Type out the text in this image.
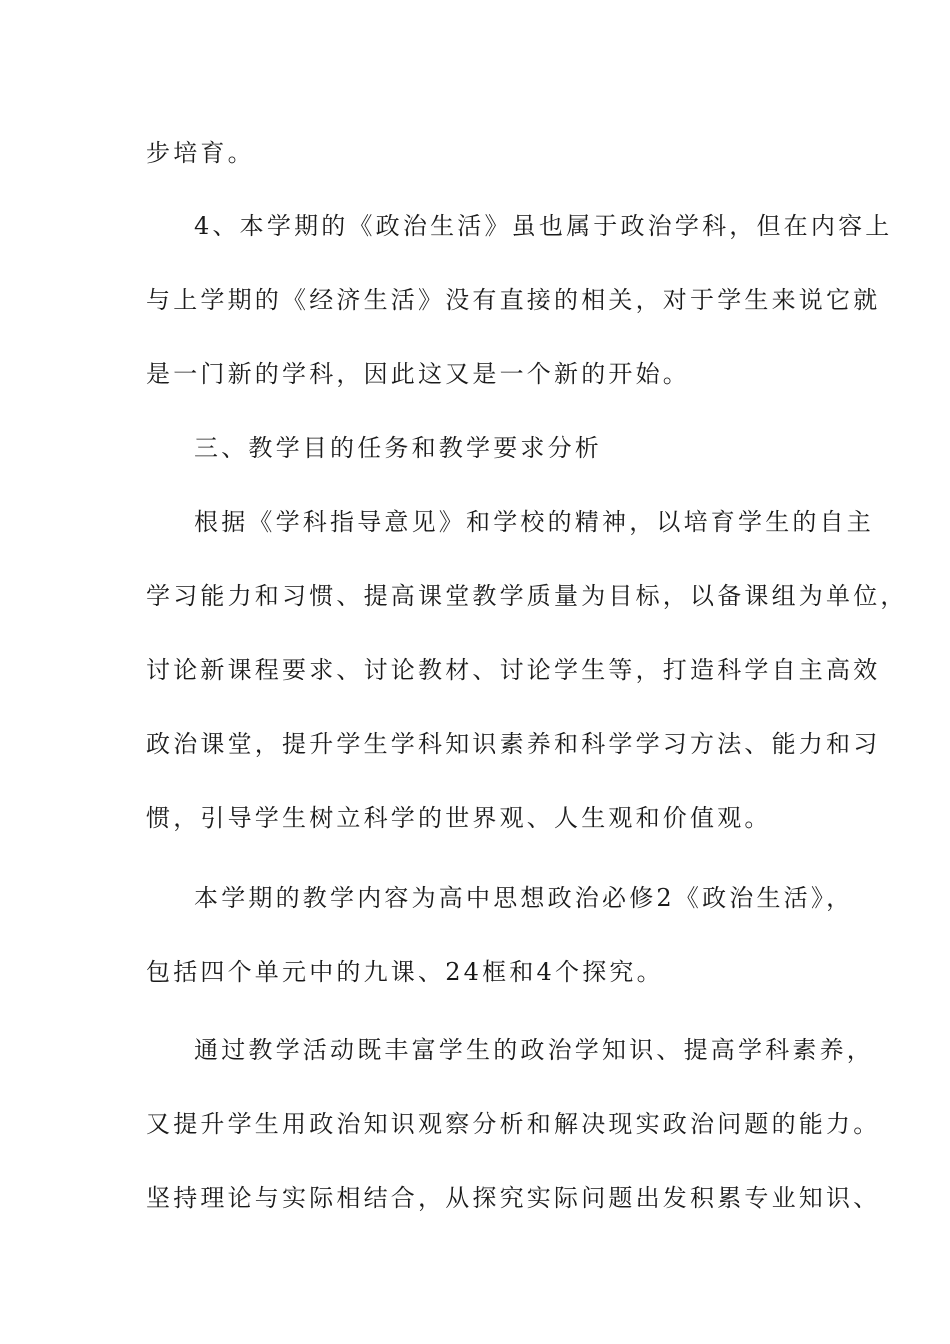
步培育。
4、本学期的《政治生活》虽也属于政治学科，但在内容上
与上学期的《经济生活》没有直接的相关，对于学生来说它就
是一门新的学科，因此这又是一个新的开始。
三、教学目的任务和教学要求分析
根据《学科指导意见》和学校的精神，以培育学生的自主
学习能力和习惯、提高课堂教学质量为目标，以备课组为单位，
讨论新课程要求、讨论教材、讨论学生等，打造科学自主高效
政治课堂，提升学生学科知识素养和科学学习方法、能力和习
惯，引导学生树立科学的世界观、人生观和价值观。
本学期的教学内容为高中思想政治必修2《政治生活》，
包括四个单元中的九课、24框和4个探究。
通过教学活动既丰富学生的政治学知识、提高学科素养，
又提升学生用政治知识观察分析和解决现实政治问题的能力。
坚持理论与实际相结合，从探究实际问题出发积累专业知识、
